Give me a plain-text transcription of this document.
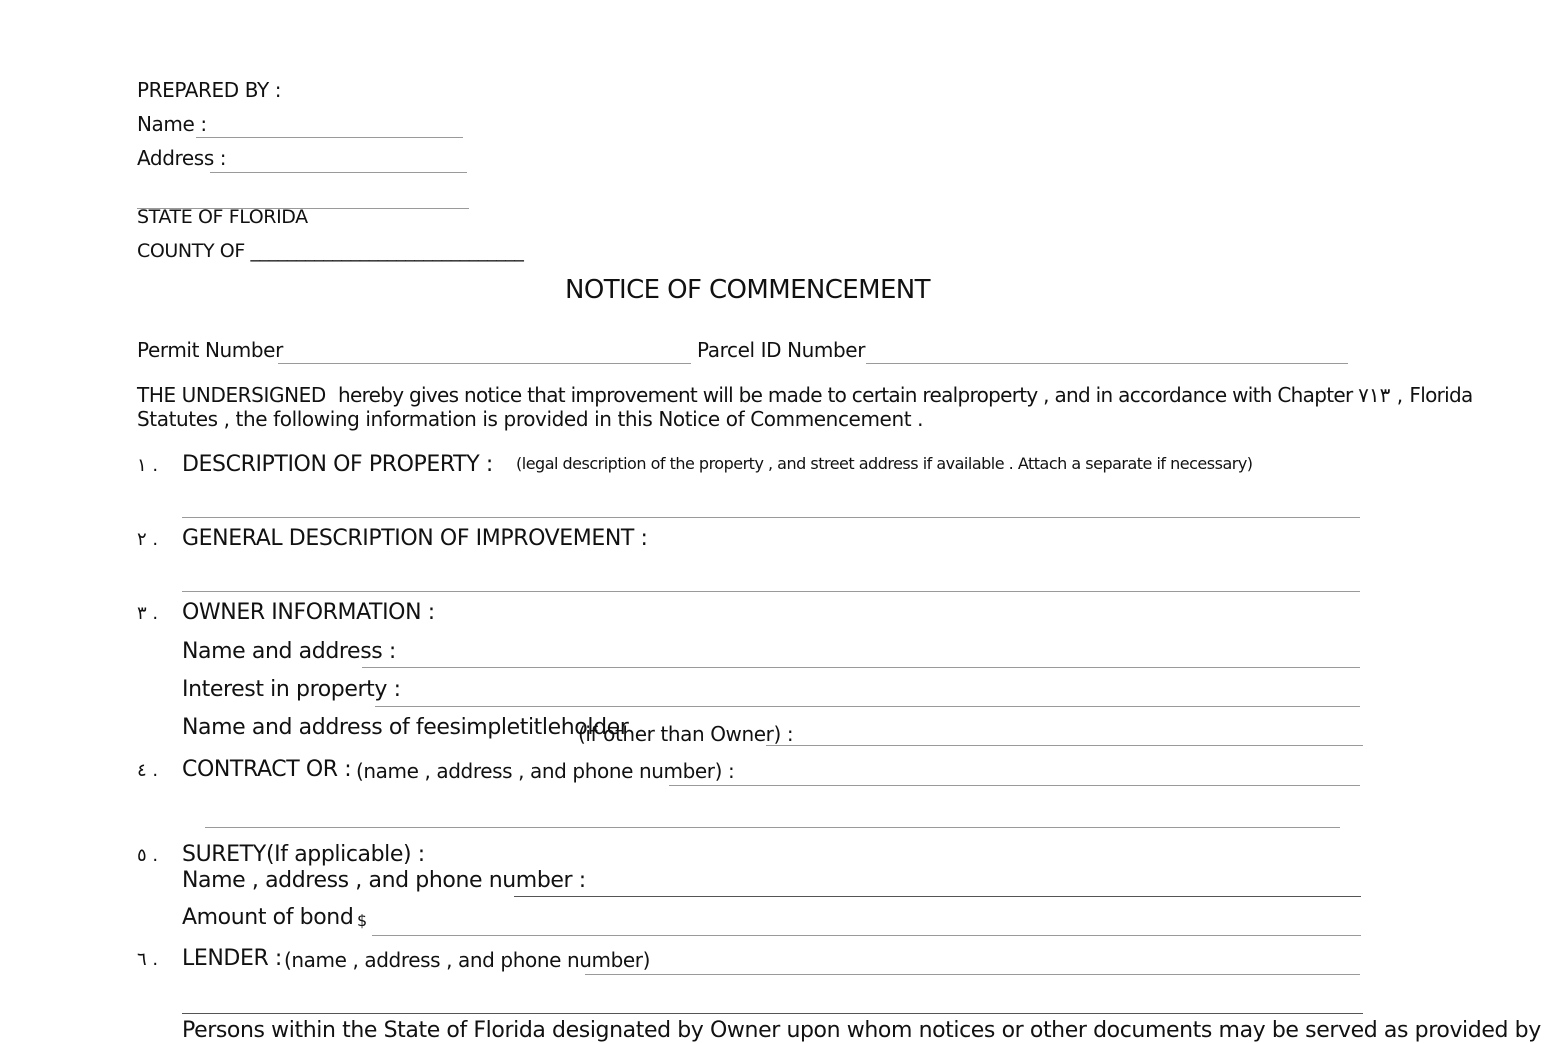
PREPARED BY :
Name :
Address :
STATE OF FLORIDA
COUNTY OF ______________________________
NOTICE OF COMMENCEMENT
Permit Number	Parcel ID Number
THE UNDERSIGNED hereby gives notice that improvement will be made to certain realproperty , and in accordance with Chapter ٧١٣ , Florida
Statutes , the following information is provided in this Notice of Commencement .
١ . DESCRIPTION OF PROPERTY : (legal description of the property , and street address if available . Attach a separate if necessary)
٢ . GENERAL DESCRIPTION OF IMPROVEMENT :
٣ . OWNER INFORMATION :
Name and address :
Interest in property :
Name and address of feesimpletitleholder
(if other than Owner) :
٤ . CONTRACT OR : (name , address , and phone number) :
٥ . SURETY (If applicable) :
Name , address , and phone number :
Amount of bond $
٦ . LENDER : (name , address , and phone number)
Persons within the State of Florida designated by Owner upon whom notices or other documents may be served as provided by
